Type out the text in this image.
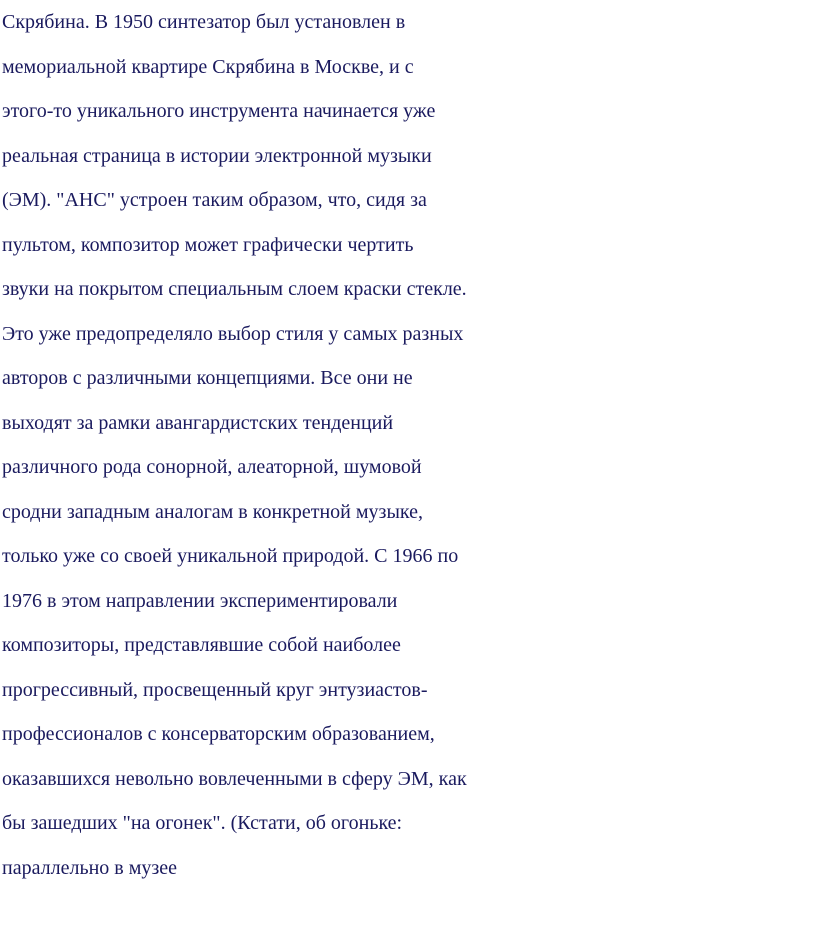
Скрябина. В 1950 синтезатор был установлен в
мемориальной квартире Скрябина в Москве, и с
этого-то уникального инструмента начинается уже
реальная страница в истории электронной музыки
(ЭМ). "АНС" устроен таким образом, что, сидя за
пультом, композитор может графически чертить
звуки на покрытом специальным слоем краски стекле.
Это уже предопределяло выбор стиля у самых разных
авторов с различными концепциями. Все они не
выходят за рамки авангардистских тенденций
различного рода сонорной, алеаторной, шумовой
сродни западным аналогам в конкретной музыке,
только уже со своей уникальной природой. С 1966 по
1976 в этом направлении экспериментировали
композиторы, представлявшие собой наиболее
прогрессивный, просвещенный круг энтузиастов-
профессионалов с консерваторским образованием,
оказавшихся невольно вовлеченными в сферу ЭМ, как
бы зашедших "на огонек". (Кстати, об огоньке:
параллельно в музее
